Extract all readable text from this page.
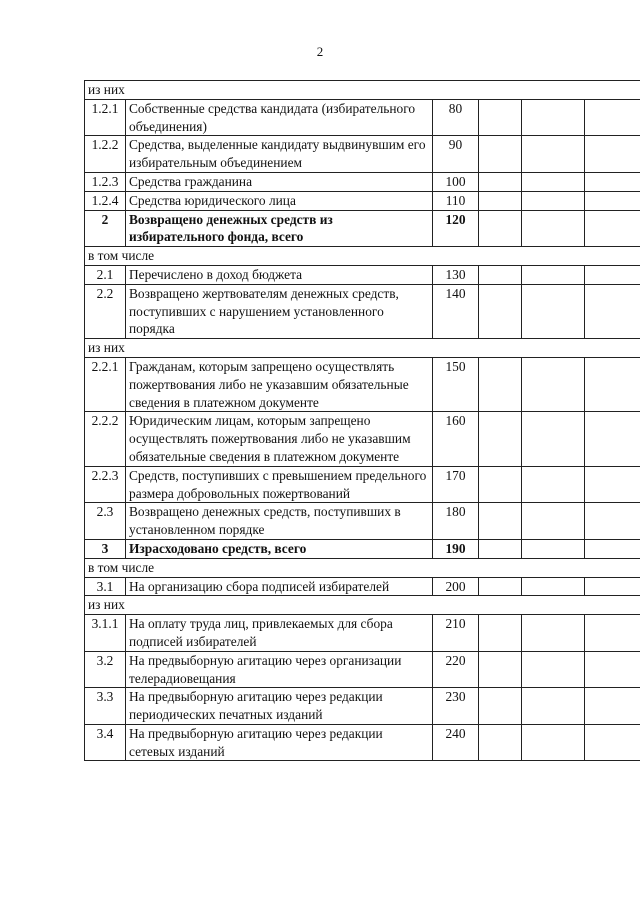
2
из них					
1.2.1	Собственные средства кандидата (избирательного объединения)	80			
1.2.2	Средства, выделенные кандидату выдвинувшим его избирательным объединением	90			
1.2.3	Средства гражданина	100			
1.2.4	Средства юридического лица	110			
2	Возвращено денежных средств из избирательного фонда, всего	120			
в том числе					
2.1	Перечислено в доход бюджета	130			
2.2	Возвращено жертвователям денежных средств, поступивших с нарушением установленного порядка	140			
из них					
2.2.1	Гражданам, которым запрещено осуществлять пожертвования либо не указавшим обязательные сведения в платежном документе	150			
2.2.2	Юридическим лицам, которым запрещено осуществлять пожертвования либо не указавшим обязательные сведения в платежном документе	160			
2.2.3	Средств, поступивших с превышением предельного размера добровольных пожертвований	170			
2.3	Возвращено денежных средств, поступивших в установленном порядке	180			
3	Израсходовано средств, всего	190			
в том числе					
3.1	На организацию сбора подписей избирателей	200			
из них					
3.1.1	На оплату труда лиц, привлекаемых для сбора подписей избирателей	210			
3.2	На предвыборную агитацию через организации телерадиовещания	220			
3.3	На предвыборную агитацию через редакции периодических печатных изданий	230			
3.4	На предвыборную агитацию через редакции сетевых изданий	240			
